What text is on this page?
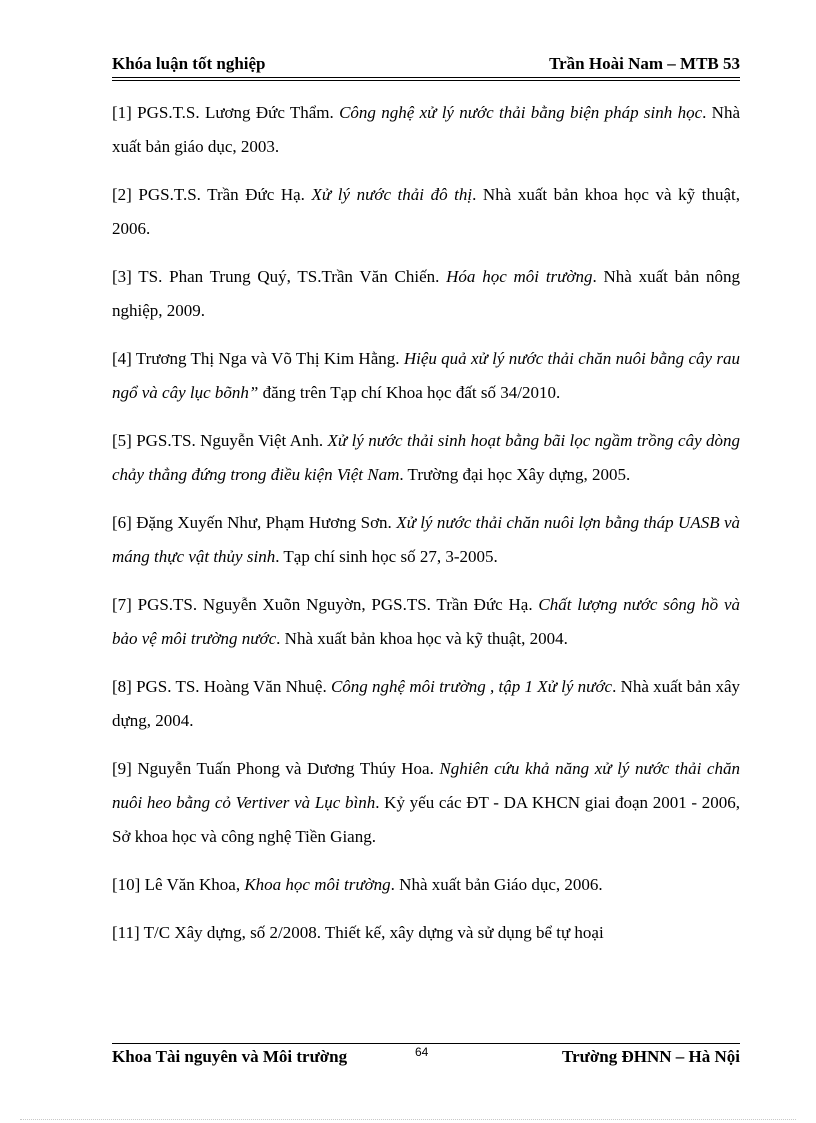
Khóa luận tốt nghiệp	Trần Hoài Nam – MTB 53

[1] PGS.T.S. Lương Đức Thẩm. Công nghệ xử lý nước thải bằng biện pháp sinh học. Nhà xuất bản giáo dục, 2003.

[2] PGS.T.S. Trần Đức Hạ. Xử lý nước thải đô thị. Nhà xuất bản khoa học và kỹ thuật, 2006.

[3] TS. Phan Trung Quý, TS.Trần Văn Chiến. Hóa học môi trường. Nhà xuất bản nông nghiệp, 2009.

[4] Trương Thị Nga và Võ Thị Kim Hằng. Hiệu quả xử lý nước thải chăn nuôi bằng cây rau ngổ và cây lục bõnh” đăng trên Tạp chí Khoa học đất số 34/2010.

[5] PGS.TS. Nguyễn Việt Anh. Xử lý nước thải sinh hoạt bằng bãi lọc ngầm trồng cây dòng chảy thẳng đứng trong điều kiện Việt Nam. Trường đại học Xây dựng, 2005.

[6] Đặng Xuyến Như, Phạm Hương Sơn. Xử lý nước thải chăn nuôi lợn bằng tháp UASB và máng thực vật thủy sinh. Tạp chí sinh học số 27, 3-2005.

[7] PGS.TS. Nguyễn Xuõn Nguyờn, PGS.TS. Trần Đức Hạ. Chất lượng nước sông hồ và bảo vệ môi trường nước. Nhà xuất bản khoa học và kỹ thuật, 2004.

[8] PGS. TS. Hoàng Văn Nhuệ. Công nghệ môi trường , tập 1 Xử lý nước. Nhà xuất bản xây dựng, 2004.

[9] Nguyễn Tuấn Phong và Dương Thúy Hoa. Nghiên cứu khả năng xử lý nước thải chăn nuôi heo bằng cỏ Vertiver và Lục bình. Kỷ yếu các ĐT - DA KHCN giai đoạn 2001 - 2006, Sở khoa học và công nghệ Tiền Giang.

[10] Lê Văn Khoa, Khoa học môi trường. Nhà xuất bản Giáo dục, 2006.

[11] T/C Xây dựng, số 2/2008. Thiết kế, xây dựng và sử dụng bể tự hoại

Khoa Tài nguyên và Môi trường	64	Trường ĐHNN – Hà Nội
